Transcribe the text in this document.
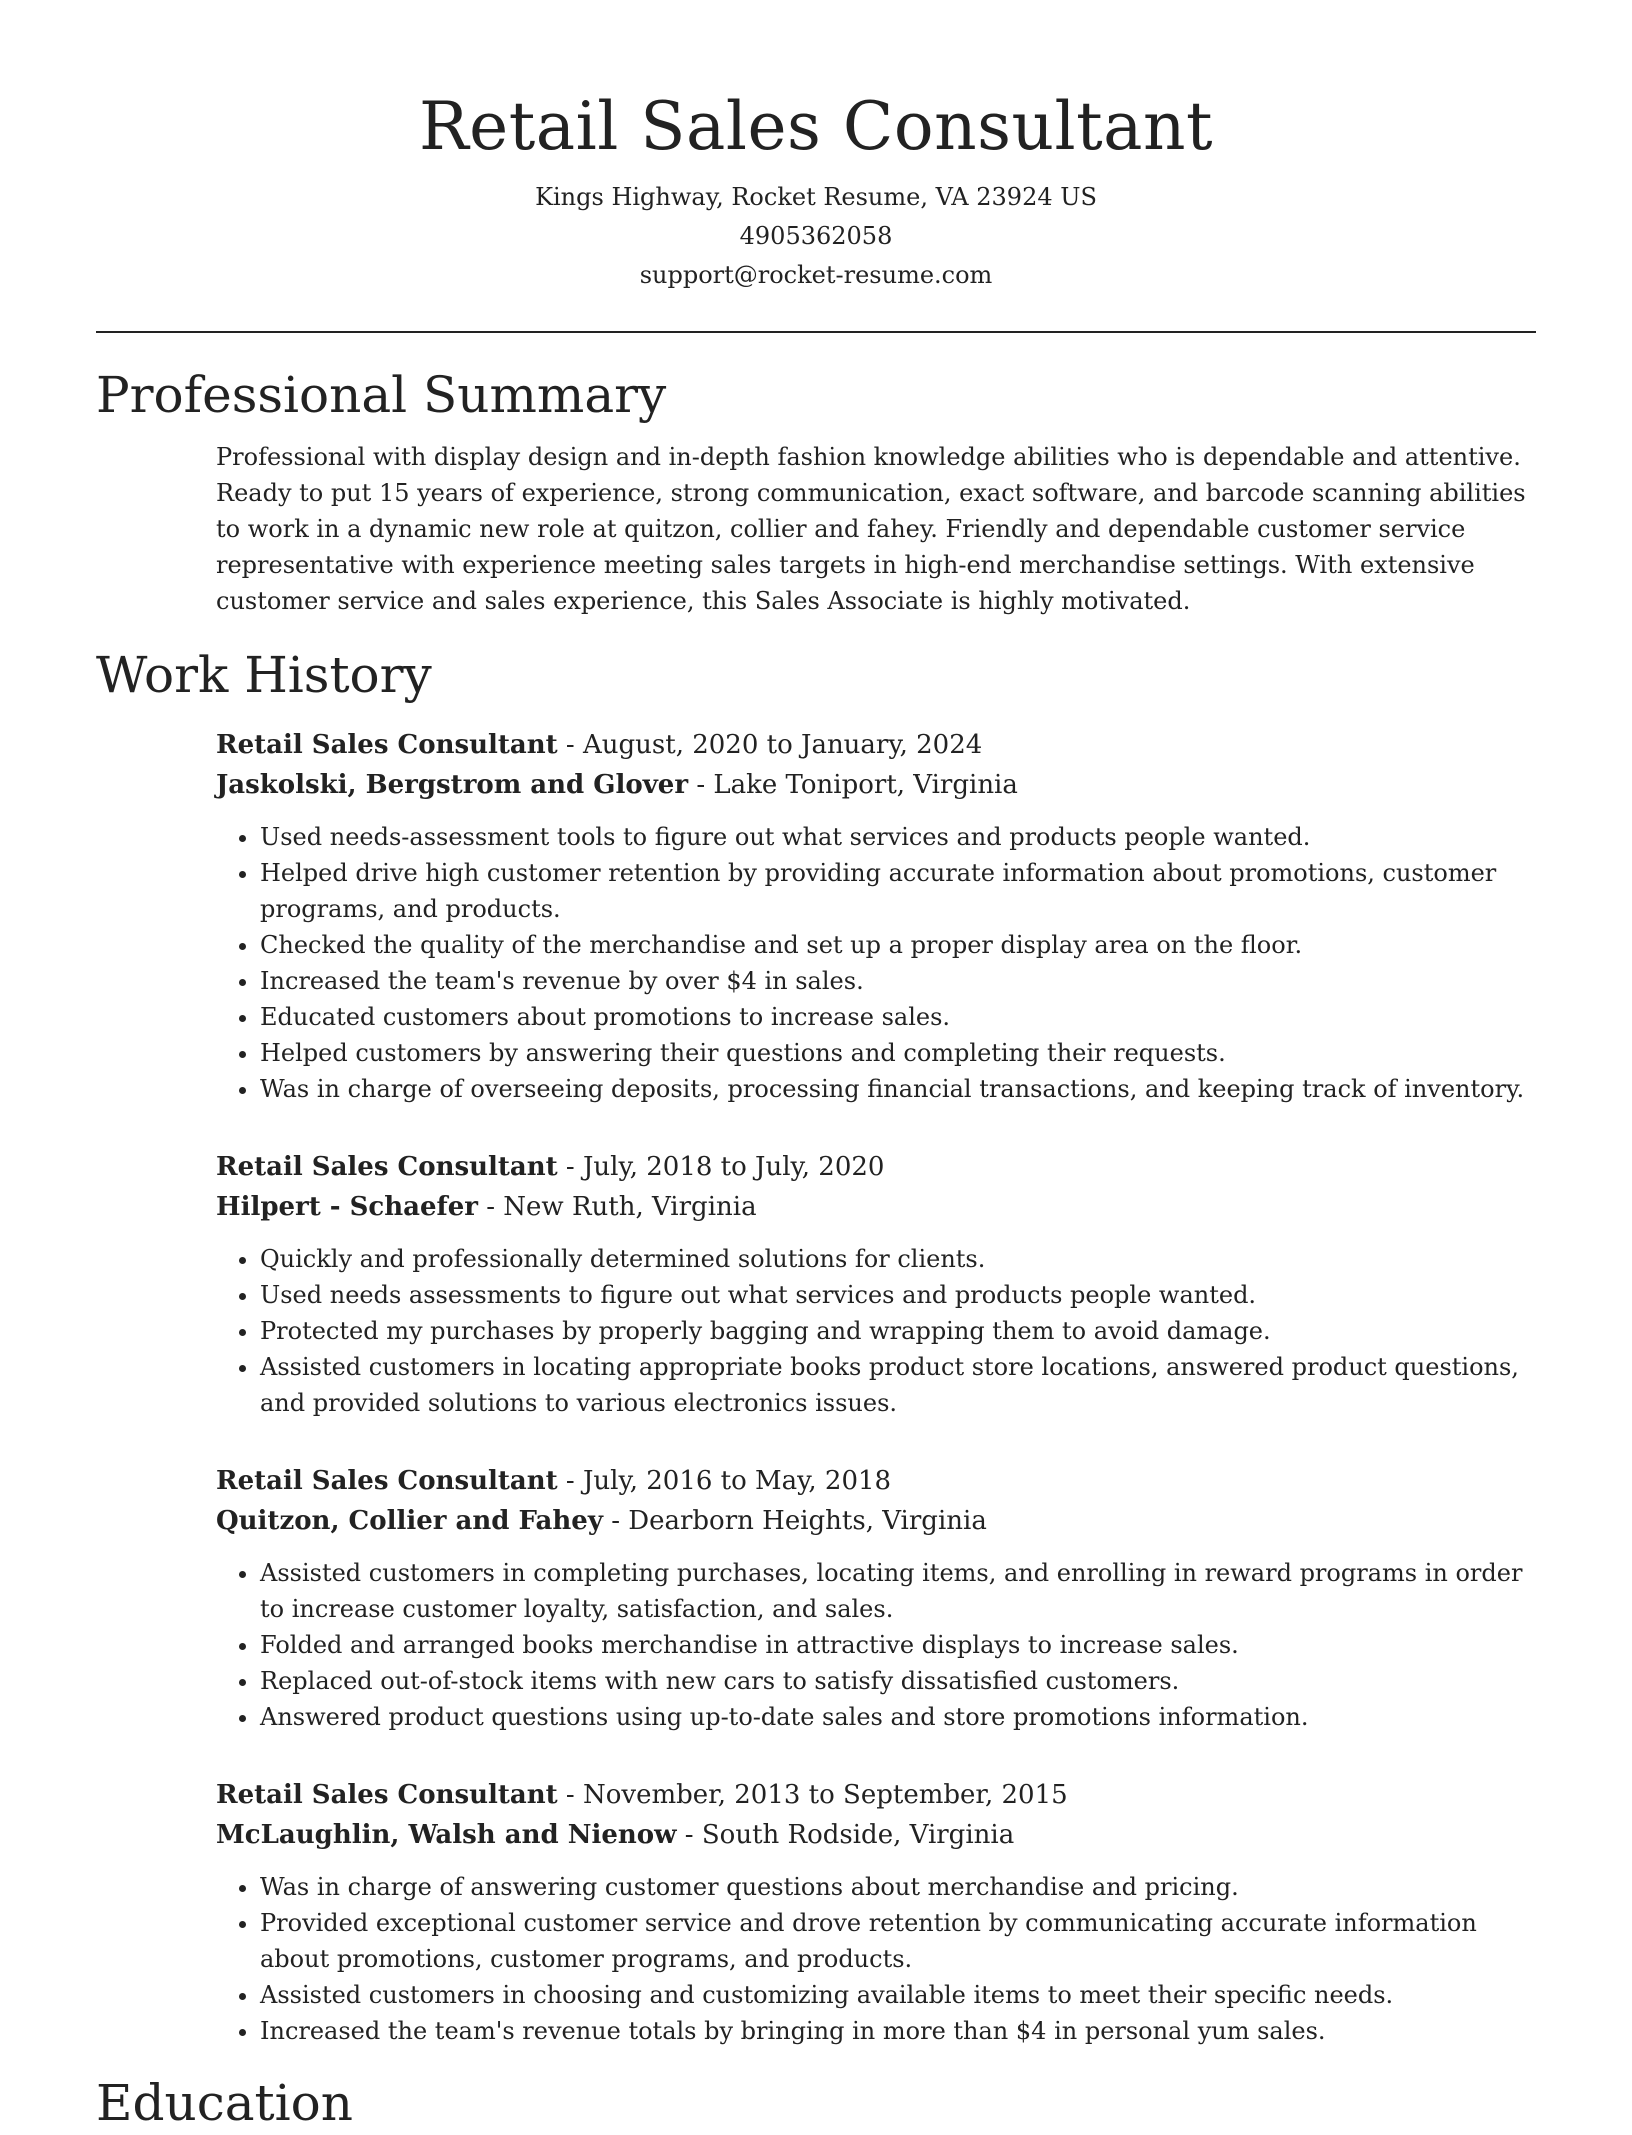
Retail Sales Consultant
Kings Highway, Rocket Resume, VA 23924 US
4905362058
support@rocket-resume.com
Professional Summary

Professional with display design and in-depth fashion knowledge abilities who is dependable and attentive. Ready to put 15 years of experience, strong communication, exact software, and barcode scanning abilities to work in a dynamic new role at quitzon, collier and fahey. Friendly and dependable customer service representative with experience meeting sales targets in high-end merchandise settings. With extensive customer service and sales experience, this Sales Associate is highly motivated.

Work History
Retail Sales Consultant - August, 2020 to January, 2024
Jaskolski, Bergstrom and Glover - Lake Toniport, Virginia
• Used needs-assessment tools to figure out what services and products people wanted.
• Helped drive high customer retention by providing accurate information about promotions, customer programs, and products.
• Checked the quality of the merchandise and set up a proper display area on the floor.
• Increased the team's revenue by over $4 in sales.
• Educated customers about promotions to increase sales.
• Helped customers by answering their questions and completing their requests.
• Was in charge of overseeing deposits, processing financial transactions, and keeping track of inventory.
Retail Sales Consultant - July, 2018 to July, 2020
Hilpert - Schaefer - New Ruth, Virginia
• Quickly and professionally determined solutions for clients.
• Used needs assessments to figure out what services and products people wanted.
• Protected my purchases by properly bagging and wrapping them to avoid damage.
• Assisted customers in locating appropriate books product store locations, answered product questions, and provided solutions to various electronics issues.
Retail Sales Consultant - July, 2016 to May, 2018
Quitzon, Collier and Fahey - Dearborn Heights, Virginia
• Assisted customers in completing purchases, locating items, and enrolling in reward programs in order to increase customer loyalty, satisfaction, and sales.
• Folded and arranged books merchandise in attractive displays to increase sales.
• Replaced out-of-stock items with new cars to satisfy dissatisfied customers.
• Answered product questions using up-to-date sales and store promotions information.
Retail Sales Consultant - November, 2013 to September, 2015
McLaughlin, Walsh and Nienow - South Rodside, Virginia
• Was in charge of answering customer questions about merchandise and pricing.
• Provided exceptional customer service and drove retention by communicating accurate information about promotions, customer programs, and products.
• Assisted customers in choosing and customizing available items to meet their specific needs.
• Increased the team's revenue totals by bringing in more than $4 in personal yum sales.
Education
